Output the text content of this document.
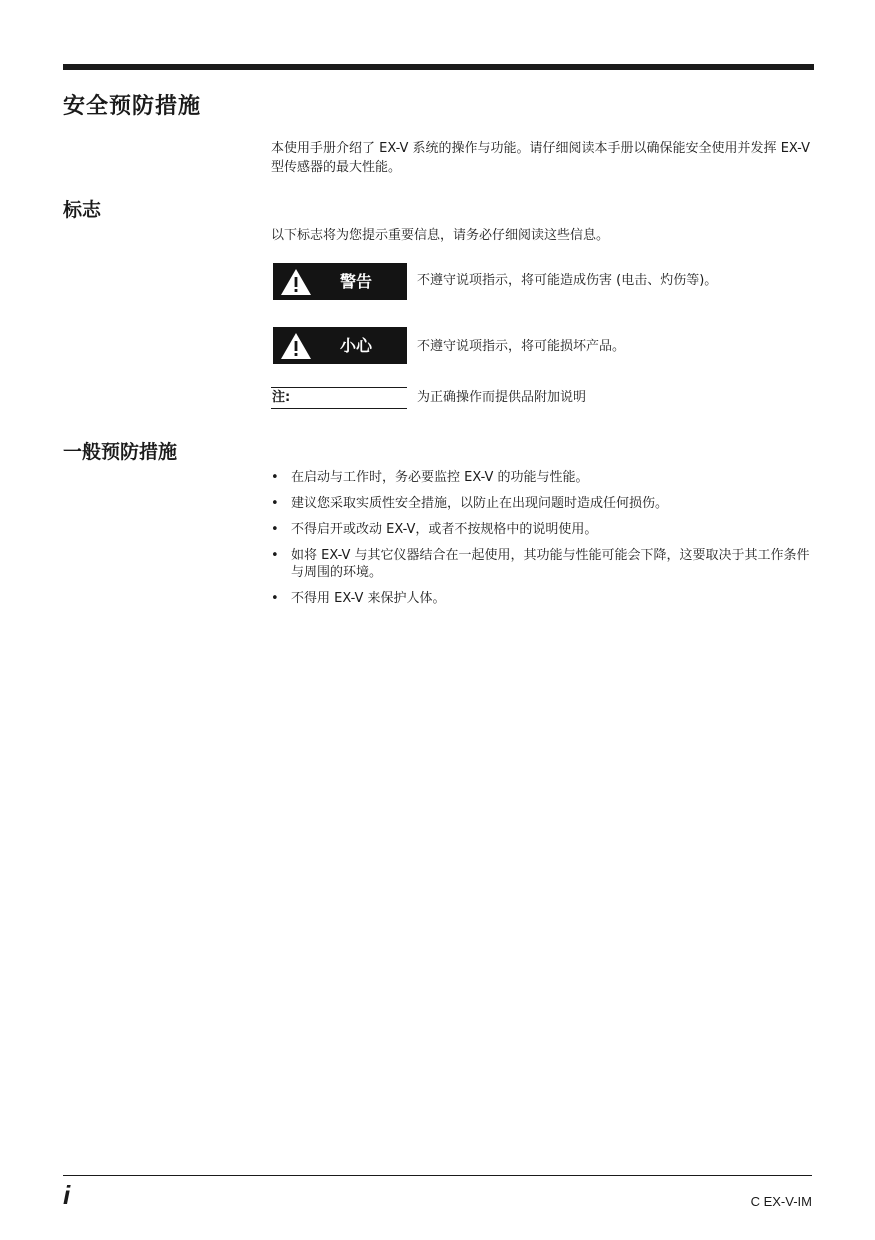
安全预防措施
本使用手册介绍了 EX-V 系统的操作与功能。请仔细阅读本手册以确保能安全使用并发挥 EX-V 型传感器的最大性能。
标志
以下标志将为您提示重要信息，请务必仔细阅读这些信息。
警告	不遵守说项指示，将可能造成伤害 (电击、灼伤等)。
小心	不遵守说项指示，将可能损坏产品。
注:	为正确操作而提供品附加说明
一般预防措施
• 在启动与工作时，务必要监控 EX-V 的功能与性能。
• 建议您采取实质性安全措施，以防止在出现问题时造成任何损伤。
• 不得启开或改动 EX-V，或者不按规格中的说明使用。
• 如将 EX-V 与其它仪器结合在一起使用，其功能与性能可能会下降，这要取决于其工作条件与周围的环境。
• 不得用 EX-V 来保护人体。
i	C EX-V-IM
